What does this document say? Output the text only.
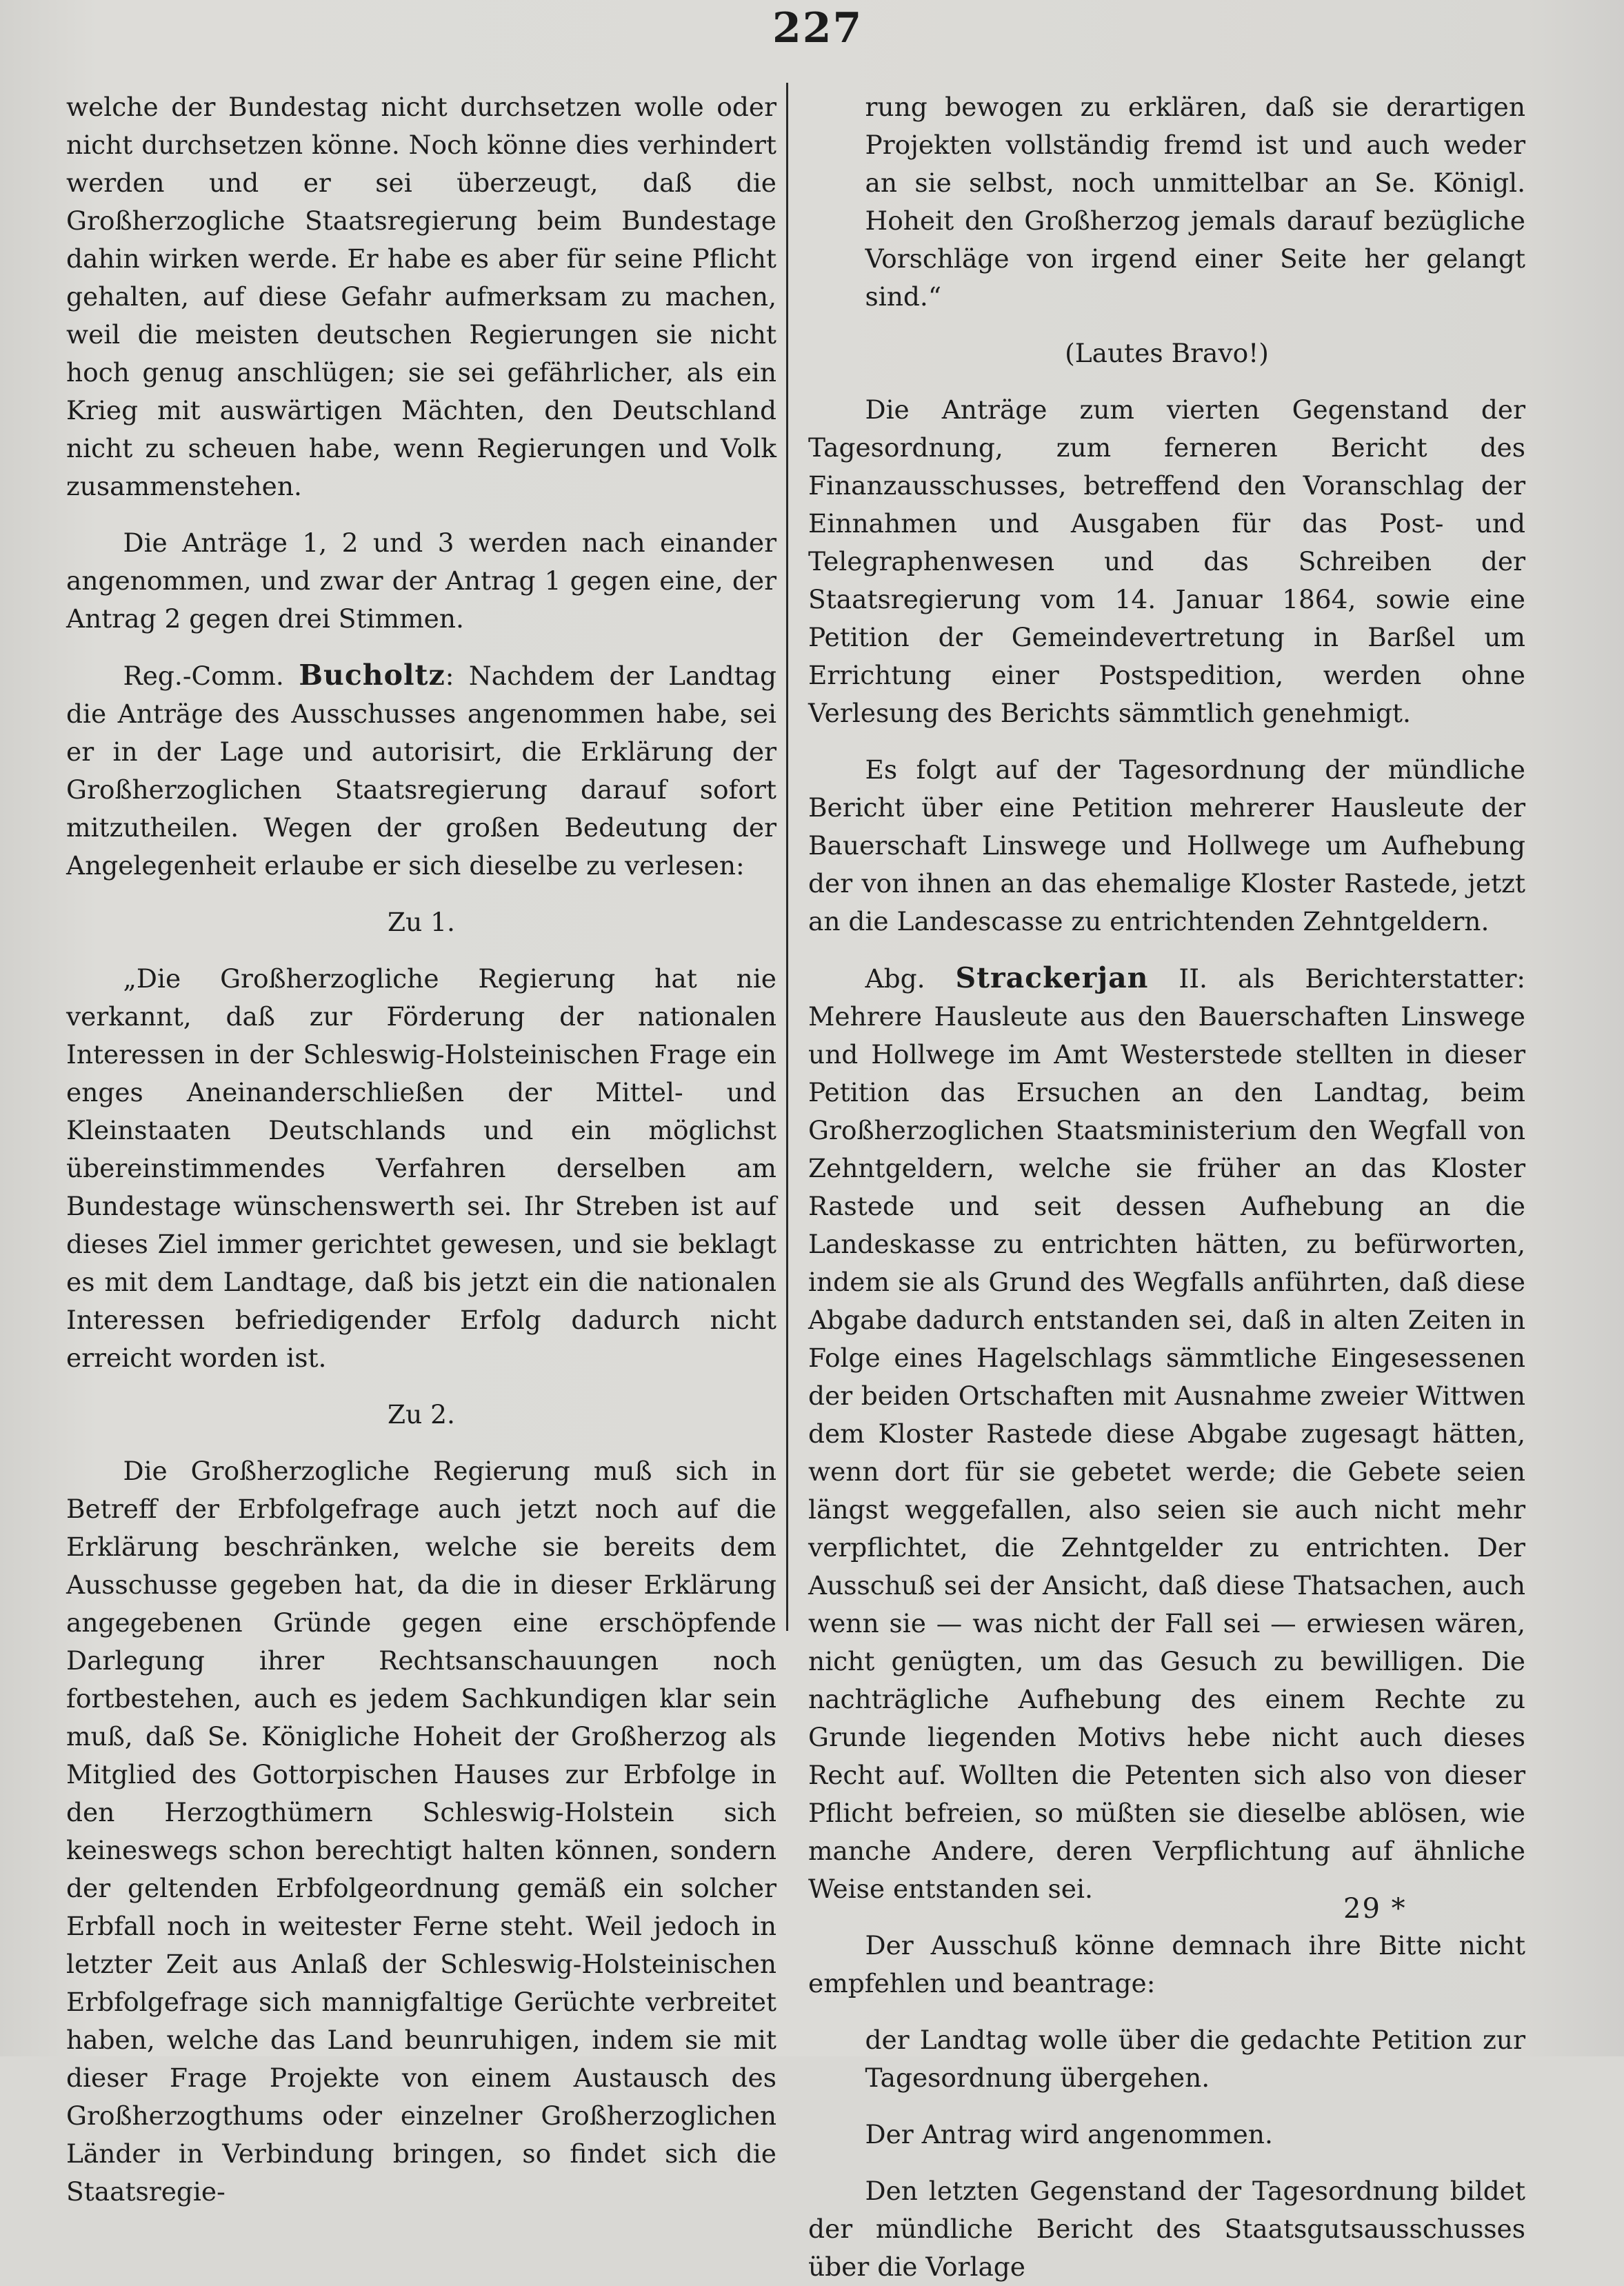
227

welche der Bundestag nicht durchsetzen wolle oder nicht durchsetzen könne. Noch könne dies verhindert werden und er sei überzeugt, daß die Großherzogliche Staatsregierung beim Bundestage dahin wirken werde. Er habe es aber für seine Pflicht gehalten, auf diese Gefahr aufmerksam zu machen, weil die meisten deutschen Regierungen sie nicht hoch genug anschlügen; sie sei gefährlicher, als ein Krieg mit auswärtigen Mächten, den Deutschland nicht zu scheuen habe, wenn Regierungen und Volk zusammenstehen.

Die Anträge 1, 2 und 3 werden nach einander angenommen, und zwar der Antrag 1 gegen eine, der Antrag 2 gegen drei Stimmen.

Reg.-Comm. Bucholtz: Nachdem der Landtag die Anträge des Ausschusses angenommen habe, sei er in der Lage und autorisirt, die Erklärung der Großherzoglichen Staatsregierung darauf sofort mitzutheilen. Wegen der großen Bedeutung der Angelegenheit erlaube er sich dieselbe zu verlesen:

Zu 1.

„Die Großherzogliche Regierung hat nie verkannt, daß zur Förderung der nationalen Interessen in der Schleswig-Holsteinischen Frage ein enges Aneinanderschließen der Mittel- und Kleinstaaten Deutschlands und ein möglichst übereinstimmendes Verfahren derselben am Bundestage wünschenswerth sei. Ihr Streben ist auf dieses Ziel immer gerichtet gewesen, und sie beklagt es mit dem Landtage, daß bis jetzt ein die nationalen Interessen befriedigender Erfolg dadurch nicht erreicht worden ist.

Zu 2.

Die Großherzogliche Regierung muß sich in Betreff der Erbfolgefrage auch jetzt noch auf die Erklärung beschränken, welche sie bereits dem Ausschusse gegeben hat, da die in dieser Erklärung angegebenen Gründe gegen eine erschöpfende Darlegung ihrer Rechtsanschauungen noch fortbestehen, auch es jedem Sachkundigen klar sein muß, daß Se. Königliche Hoheit der Großherzog als Mitglied des Gottorpischen Hauses zur Erbfolge in den Herzogthümern Schleswig-Holstein sich keineswegs schon berechtigt halten können, sondern der geltenden Erbfolgeordnung gemäß ein solcher Erbfall noch in weitester Ferne steht. Weil jedoch in letzter Zeit aus Anlaß der Schleswig-Holsteinischen Erbfolgefrage sich mannigfaltige Gerüchte verbreitet haben, welche das Land beunruhigen, indem sie mit dieser Frage Projekte von einem Austausch des Großherzogthums oder einzelner Großherzoglichen Länder in Verbindung bringen, so findet sich die Staatsregie-

rung bewogen zu erklären, daß sie derartigen Projekten vollständig fremd ist und auch weder an sie selbst, noch unmittelbar an Se. Königl. Hoheit den Großherzog jemals darauf bezügliche Vorschläge von irgend einer Seite her gelangt sind.“

(Lautes Bravo!)

Die Anträge zum vierten Gegenstand der Tagesordnung, zum ferneren Bericht des Finanzausschusses, betreffend den Voranschlag der Einnahmen und Ausgaben für das Post- und Telegraphenwesen und das Schreiben der Staatsregierung vom 14. Januar 1864, sowie eine Petition der Gemeindevertretung in Barßel um Errichtung einer Postspedition, werden ohne Verlesung des Berichts sämmtlich genehmigt.

Es folgt auf der Tagesordnung der mündliche Bericht über eine Petition mehrerer Hausleute der Bauerschaft Linswege und Hollwege um Aufhebung der von ihnen an das ehemalige Kloster Rastede, jetzt an die Landescasse zu entrichtenden Zehntgeldern.

Abg. Strackerjan II. als Berichterstatter: Mehrere Hausleute aus den Bauerschaften Linswege und Hollwege im Amt Westerstede stellten in dieser Petition das Ersuchen an den Landtag, beim Großherzoglichen Staatsministerium den Wegfall von Zehntgeldern, welche sie früher an das Kloster Rastede und seit dessen Aufhebung an die Landeskasse zu entrichten hätten, zu befürworten, indem sie als Grund des Wegfalls anführten, daß diese Abgabe dadurch entstanden sei, daß in alten Zeiten in Folge eines Hagelschlags sämmtliche Eingesessenen der beiden Ortschaften mit Ausnahme zweier Wittwen dem Kloster Rastede diese Abgabe zugesagt hätten, wenn dort für sie gebetet werde; die Gebete seien längst weggefallen, also seien sie auch nicht mehr verpflichtet, die Zehntgelder zu entrichten. Der Ausschuß sei der Ansicht, daß diese Thatsachen, auch wenn sie — was nicht der Fall sei — erwiesen wären, nicht genügten, um das Gesuch zu bewilligen. Die nachträgliche Aufhebung des einem Rechte zu Grunde liegenden Motivs hebe nicht auch dieses Recht auf. Wollten die Petenten sich also von dieser Pflicht befreien, so müßten sie dieselbe ablösen, wie manche Andere, deren Verpflichtung auf ähnliche Weise entstanden sei.

Der Ausschuß könne demnach ihre Bitte nicht empfehlen und beantrage:

der Landtag wolle über die gedachte Petition zur Tagesordnung übergehen.

Der Antrag wird angenommen.

Den letzten Gegenstand der Tagesordnung bildet der mündliche Bericht des Staatsgutsausschusses über die Vorlage

29 *
